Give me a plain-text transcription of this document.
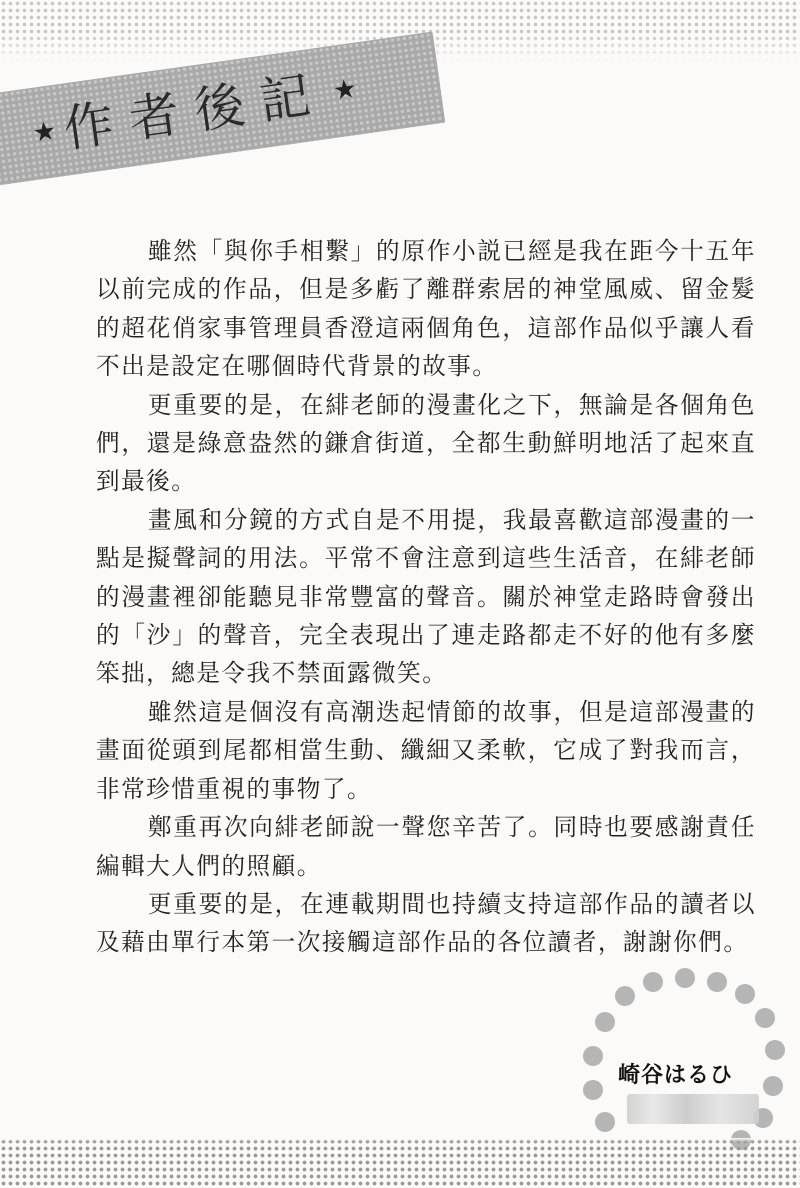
★ 作者後記 ★

雖然「與你手相繫」的原作小説已經是我在距今十五年以前完成的作品，但是多虧了離群索居的神堂風威、留金髮的超花俏家事管理員香澄這兩個角色，這部作品似乎讓人看不出是設定在哪個時代背景的故事。

更重要的是，在緋老師的漫畫化之下，無論是各個角色們，還是綠意盎然的鎌倉街道，全都生動鮮明地活了起來直到最後。

畫風和分鏡的方式自是不用提，我最喜歡這部漫畫的一點是擬聲詞的用法。平常不會注意到這些生活音，在緋老師的漫畫裡卻能聽見非常豐富的聲音。關於神堂走路時會發出的「沙」的聲音，完全表現出了連走路都走不好的他有多麼笨拙，總是令我不禁面露微笑。

雖然這是個沒有高潮迭起情節的故事，但是這部漫畫的畫面從頭到尾都相當生動、纖細又柔軟，它成了對我而言，非常珍惜重視的事物了。

鄭重再次向緋老師說一聲您辛苦了。同時也要感謝責任編輯大人們的照顧。

更重要的是，在連載期間也持續支持這部作品的讀者以及藉由單行本第一次接觸這部作品的各位讀者，謝謝你們。

崎谷はるひ
